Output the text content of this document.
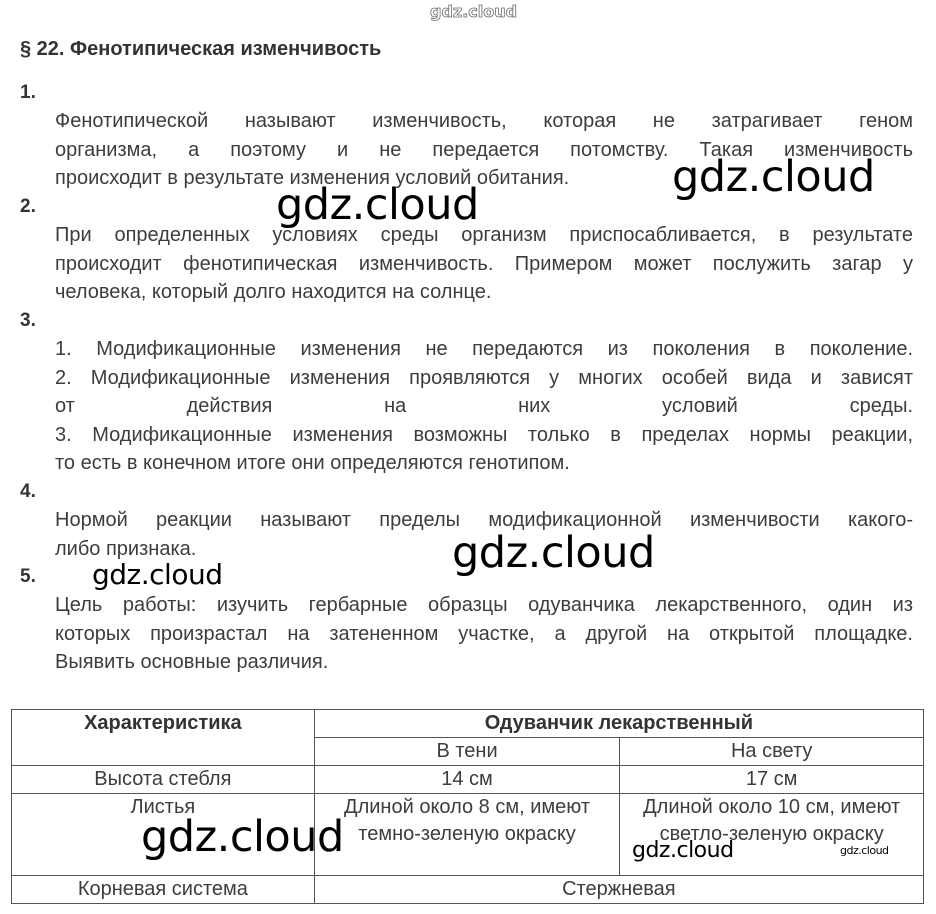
gdz.cloud
§ 22. Фенотипическая изменчивость
1.
Фенотипической называют изменчивость, которая не затрагивает геном
организма, а поэтому и не передается потомству. Такая изменчивость
происходит в результате изменения условий обитания.
2.
При определенных условиях среды организм приспосабливается, в результате
происходит фенотипическая изменчивость. Примером может послужить загар у
человека, который долго находится на солнце.
3.
1. Модификационные изменения не передаются из поколения в поколение.
2. Модификационные изменения проявляются у многих особей вида и зависят
от действия на них условий среды.
3. Модификационные изменения возможны только в пределах нормы реакции,
то есть в конечном итоге они определяются генотипом.
4.
Нормой реакции называют пределы модификационной изменчивости какого-
либо признака.
5.
Цель работы: изучить гербарные образцы одуванчика лекарственного, один из
которых произрастал на затененном участке, а другой на открытой площадке.
Выявить основные различия.
Характеристика	Одуванчик лекарственный	
	В тени	На свету
Высота стебля	14 см	17 см
Листья	Длиной около 8 см, имеют темно-зеленую окраску	Длиной около 10 см, имеют светло-зеленую окраску
Корневая система	Стержневая	
gdz.cloud
gdz.cloud
gdz.cloud
gdz.cloud
gdz.cloud	gdz.cloud	gdz.cloud
